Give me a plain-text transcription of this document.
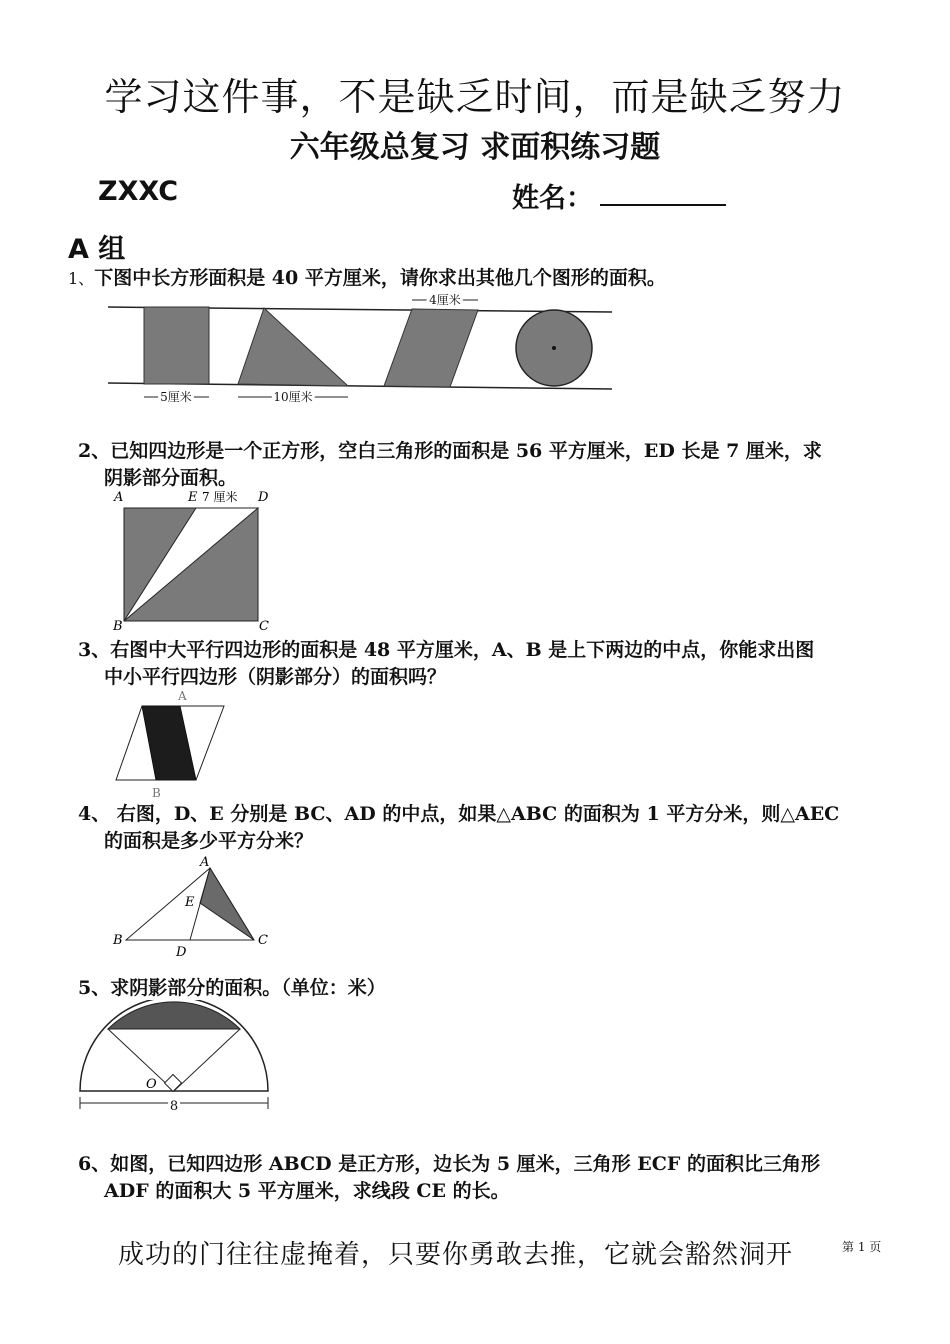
学习这件事，不是缺乏时间，而是缺乏努力
六年级总复习 求面积练习题
ZXXC	姓名：
A 组
1、下图中长方形面积是 40 平方厘米，请你求出其他几个图形的面积。
4厘米
5厘米	10厘米
2、已知四边形是一个正方形，空白三角形的面积是 56 平方厘米，ED 长是 7 厘米，求
阴影部分面积。
A	E 7 厘米 D
B	C
3、右图中大平行四边形的面积是 48 平方厘米，A、B 是上下两边的中点，你能求出图
中小平行四边形（阴影部分）的面积吗？
A
B
4、 右图，D、E 分别是 BC、AD 的中点，如果△ABC 的面积为 1 平方分米，则△AEC
的面积是多少平方分米？
A
E
B
D
C
5、求阴影部分的面积。（单位：米）
O
8
6、如图，已知四边形 ABCD 是正方形，边长为 5 厘米，三角形 ECF 的面积比三角形
ADF 的面积大 5 平方厘米，求线段 CE 的长。
成功的门往往虚掩着，只要你勇敢去推，它就会豁然洞开	第 1 页
